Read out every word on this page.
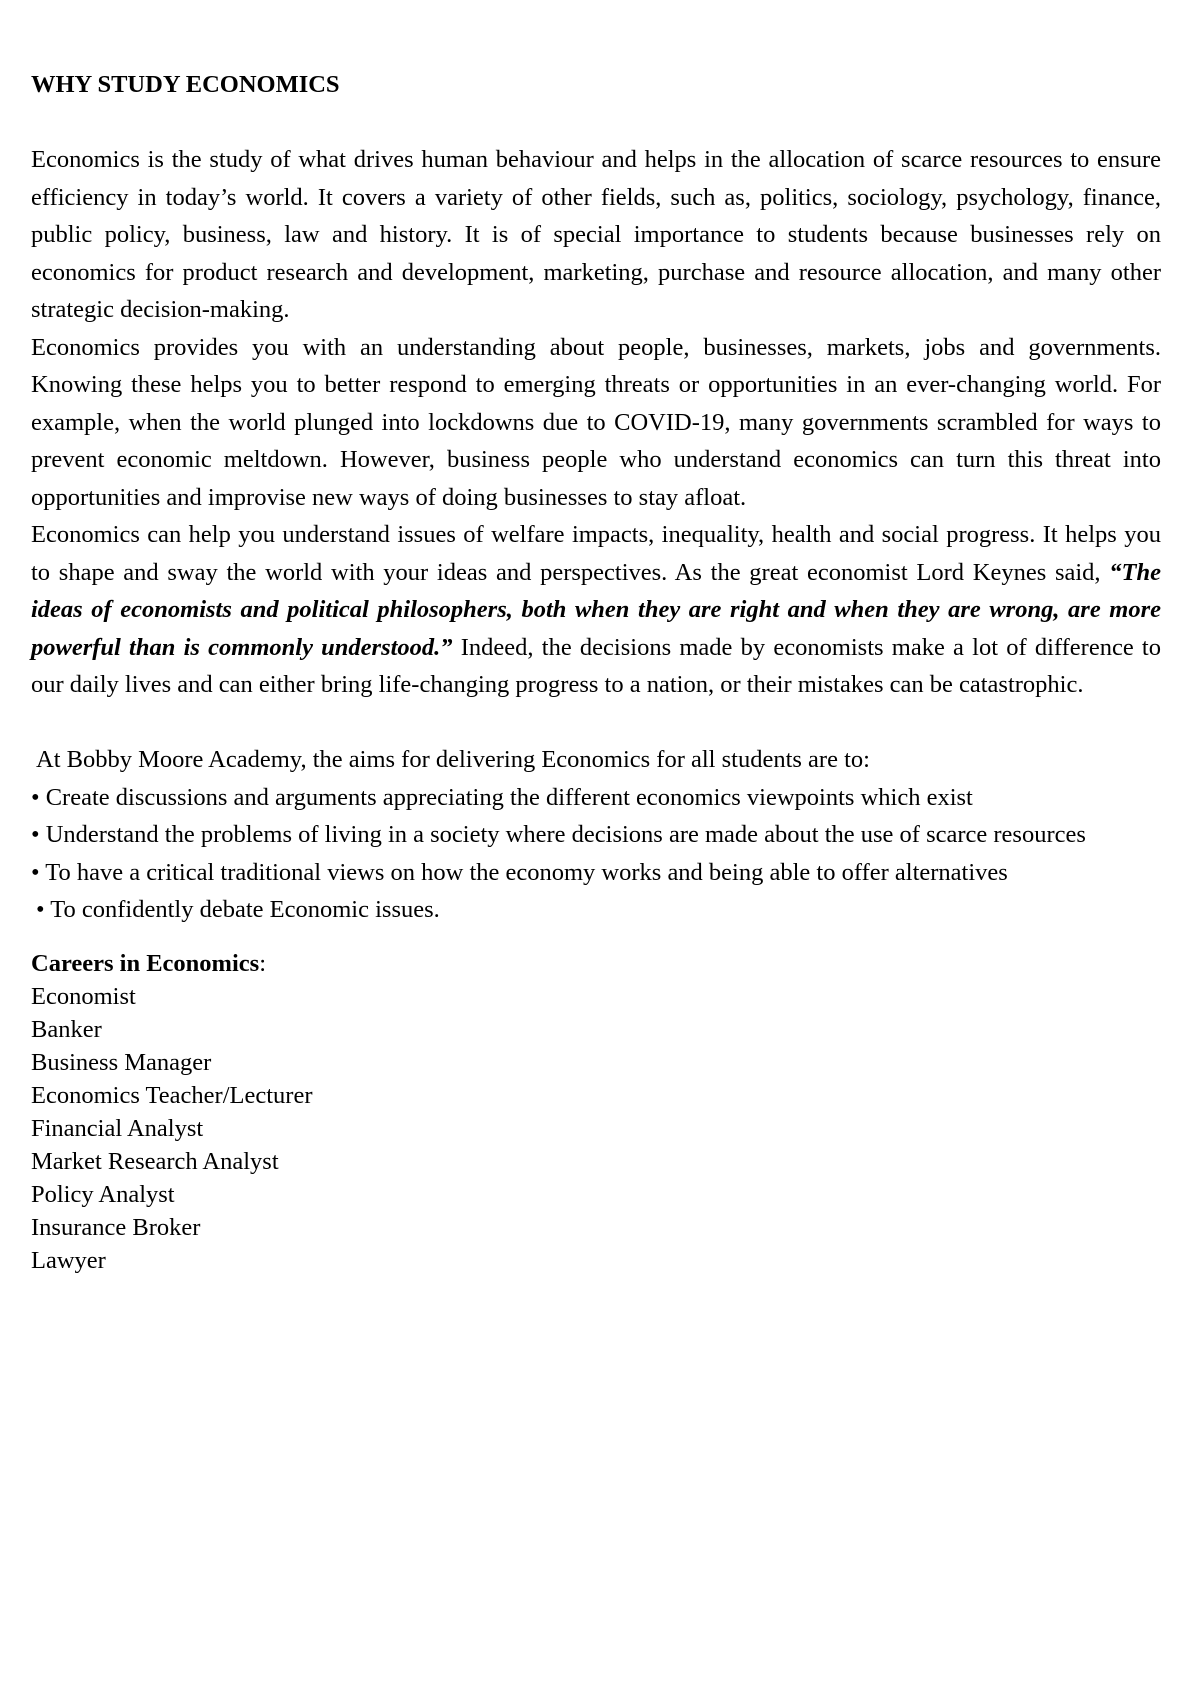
WHY STUDY ECONOMICS

Economics is the study of what drives human behaviour and helps in the allocation of scarce resources to ensure efficiency in today’s world. It covers a variety of other fields, such as, politics, sociology, psychology, finance, public policy, business, law and history. It is of special importance to students because businesses rely on economics for product research and development, marketing, purchase and resource allocation, and many other strategic decision-making.

Economics provides you with an understanding about people, businesses, markets, jobs and governments. Knowing these helps you to better respond to emerging threats or opportunities in an ever-changing world. For example, when the world plunged into lockdowns due to COVID-19, many governments scrambled for ways to prevent economic meltdown. However, business people who understand economics can turn this threat into opportunities and improvise new ways of doing businesses to stay afloat.

Economics can help you understand issues of welfare impacts, inequality, health and social progress. It helps you to shape and sway the world with your ideas and perspectives. As the great economist Lord Keynes said, “The ideas of economists and political philosophers, both when they are right and when they are wrong, are more powerful than is commonly understood.” Indeed, the decisions made by economists make a lot of difference to our daily lives and can either bring life-changing progress to a nation, or their mistakes can be catastrophic.

At Bobby Moore Academy, the aims for delivering Economics for all students are to:

• Create discussions and arguments appreciating the different economics viewpoints which exist

• Understand the problems of living in a society where decisions are made about the use of scarce resources

• To have a critical traditional views on how the economy works and being able to offer alternatives

• To confidently debate Economic issues.

Careers in Economics:

Economist
Banker
Business Manager
Economics Teacher/Lecturer
Financial Analyst
Market Research Analyst
Policy Analyst
Insurance Broker
Lawyer
